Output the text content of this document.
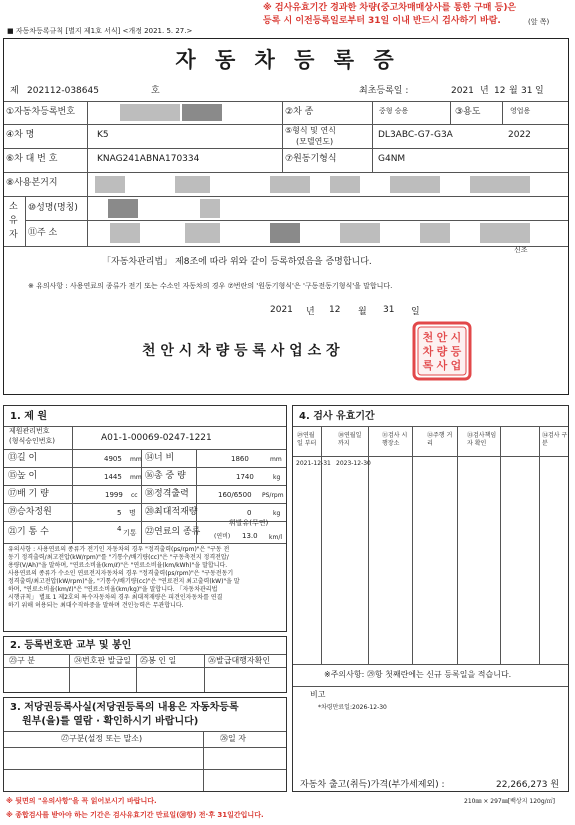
※ 검사유효기간 경과한 차량(중고차매매상사를 통한 구매 등)은
등록 시 이전등록일로부터 31일 이내 반드시 검사하기 바람.	(앞 쪽)
■ 자동차등록규칙 [별지 제1호 서식] <개정 2021. 5. 27.>
자 동 차 등 록 증
제 202112-038645	호	최초등록일 :	2021 년 12 월 31 일
①자동차등록번호	②차 종	중형 승용	③용도	영업용
④차 명	K5	⑤형식 및 연식
(모델연도)
DL3ABC-G7-G3A	2022
⑥차 대 번 호	KNAG241ABNA170334	⑦원동기형식	G4NM
⑧사용본거지
소유자
⑩성명(명칭)
⑪주 소
신조
「자동차관리법」 제8조에 따라 위와 같이 등록하였음을 증명합니다.
※ 유의사항 : 사용연료의 종류가 전기 또는 수소인 자동차의 경우 ⑦번란의 '원동기형식'은 '구동전동기형식'을 말합니다.
2021 년 12 월 31 일
천 안 시 차 량 등 록 사 업 소 장
천 안 시
차 량 등
록 사 업
1. 제 원
제원관리번호
(형식승인번호)	A01-1-00069-0247-1221
⑬길 이	4905 mm ⑭너 비	1860	mm
⑮높 이	1445 mm ⑯총 중 량	1740	kg
⑰배 기 량	1999 cc ⑱정격출력	160/6500 PS/rpm
⑲승차정원	5 명 ⑳최대적재량	0	kg
㉑기 통 수	4 기통 ㉒연료의 종류
휘발유(무연)
(연비) 13.0 km/l
유의사항 : 사용연료의 종류가 전기인 자동차의 경우 "정격출력(ps/rpm)"은 "구동 전
동기 정격출력/최고전압(kW/rpm)"를 "기통수/배기량(cc)"은 "구동축전지 정격전압/
용량(V/Ah)"을 말하며, "연료소비율(km/ℓ)"은 "연료소비율(km/kWh)"을 말합니다.
사용연료의 종류가 수소인 연료전지자동차의 경우 "정격출력(ps/rpm)"은 "구동전동기
정격출력/최고전압(kW/rpm)"을, "기통수/배기량(cc)"은 "연료전지 최고출력(kW)"을 말
하며, "연료소비율(km/ℓ)"은 "연료소비율(km/kg)"을 말합니다. 「자동차관리법
시행규칙」 별표 1 제2호의 특수자동차의 경우 최대적재량은 피견인자동차를 연결
하기 위해 허용되는 최대수직하중을 말하며 견인능력은 무관합니다.
2. 등록번호판 교부 및 봉인
㉓구 분	㉔번호판 발급일 ㉕봉 인 일	㉖발급대행자확인
3. 저당권등록사실(저당권등록의 내용은 자동차등록
원부(을)를 열람 · 확인하시기 바랍니다)
㉗구분(설정 또는 말소)	㉘일 자
4. 검사 유효기간
㉙연월일 부터
㉚연월일 까지
㉛검사 시행장소
㉜주행 거리
㉝검사책임자 확인
㉞검사 구분
2021-12-31 2023-12-30
※주의사항: ㉙항 첫째란에는 신규 등록일을 적습니다.
비고
*차령만료일:2026-12-30
자동차 출고(취득)가격(부가세제외) :	22,266,273 원
※ 뒷면의 "유의사항"을 꼭 읽어보시기 바랍니다.
※ 종합검사를 받아야 하는 기간은 검사유효기간 만료일(㉚항) 전·후 31일간입니다.
210㎜ × 297㎜[백상지 120g/㎡]
